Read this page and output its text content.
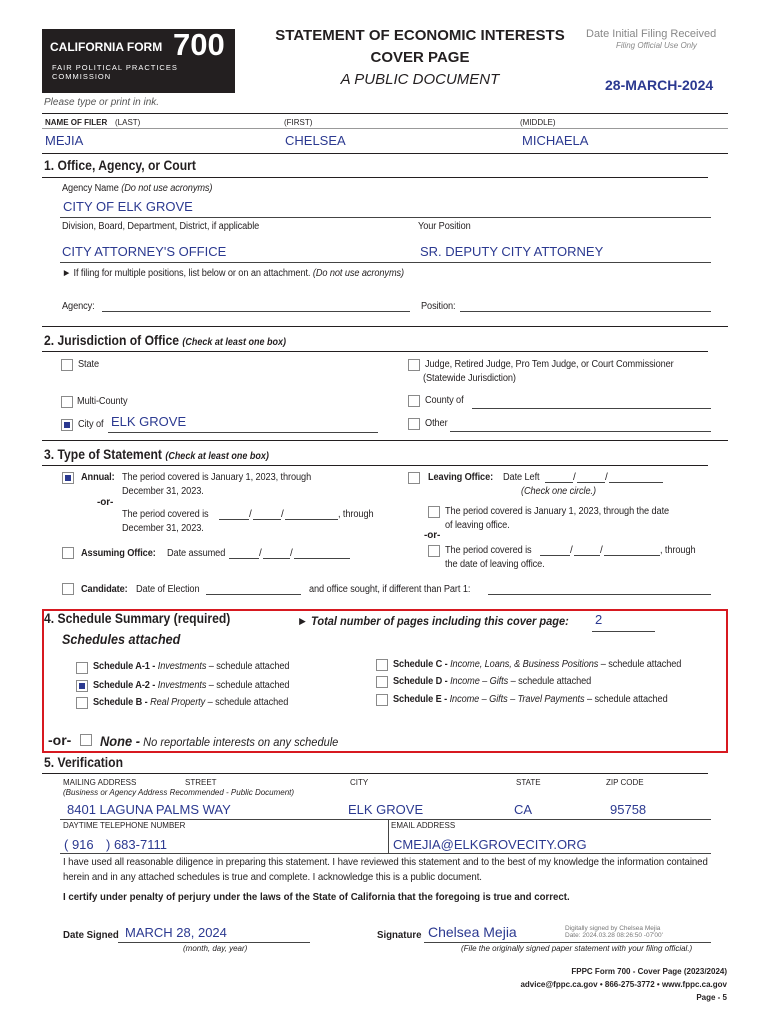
CALIFORNIA FORM 700
FAIR POLITICAL PRACTICES COMMISSION
STATEMENT OF ECONOMIC INTERESTS
COVER PAGE
A PUBLIC DOCUMENT
Date Initial Filing Received
Filing Official Use Only
28-MARCH-2024
Please type or print in ink.
NAME OF FILER (LAST)	(FIRST)	(MIDDLE)
MEJIA	CHELSEA	MICHAELA
1. Office, Agency, or Court
Agency Name (Do not use acronyms)
CITY OF ELK GROVE
Division, Board, Department, District, if applicable	Your Position
CITY ATTORNEY'S OFFICE	SR. DEPUTY CITY ATTORNEY
► If filing for multiple positions, list below or on an attachment. (Do not use acronyms)
Agency:	Position:
2. Jurisdiction of Office (Check at least one box)
State	Judge, Retired Judge, Pro Tem Judge, or Court Commissioner
(Statewide Jurisdiction)
Multi-County	County of
City of ELK GROVE	Other
3. Type of Statement (Check at least one box)
Annual: The period covered is January 1, 2023, through
December 31, 2023.
-or-
The period covered is	/	/	, through
December 31, 2023.
Leaving Office: Date Left	/	/
(Check one circle.)
The period covered is January 1, 2023, through the date
of leaving office.
-or-
The period covered is	/	/	, through
the date of leaving office.
Assuming Office: Date assumed	/	/
Candidate: Date of Election	and office sought, if different than Part 1:
4. Schedule Summary (required)	► Total number of pages including this cover page: 2
Schedules attached
Schedule A-1 - Investments – schedule attached
Schedule A-2 - Investments – schedule attached
Schedule B - Real Property – schedule attached
Schedule C - Income, Loans, & Business Positions – schedule attached
Schedule D - Income – Gifts – schedule attached
Schedule E - Income – Gifts – Travel Payments – schedule attached
-or- None - No reportable interests on any schedule
5. Verification
MAILING ADDRESS	STREET	CITY	STATE	ZIP CODE
(Business or Agency Address Recommended - Public Document)
8401 LAGUNA PALMS WAY	ELK GROVE	CA	95758
DAYTIME TELEPHONE NUMBER	EMAIL ADDRESS
( 916 ) 683-7111	CMEJIA@ELKGROVECITY.ORG
I have used all reasonable diligence in preparing this statement. I have reviewed this statement and to the best of my knowledge the information contained
herein and in any attached schedules is true and complete. I acknowledge this is a public document.
I certify under penalty of perjury under the laws of the State of California that the foregoing is true and correct.
Date Signed MARCH 28, 2024
(month, day, year)
Signature Chelsea Mejia	Digitally signed by Chelsea Mejia
Date: 2024.03.28 08:26:50 -07'00'
(File the originally signed paper statement with your filing official.)
FPPC Form 700 - Cover Page (2023/2024)
advice@fppc.ca.gov • 866-275-3772 • www.fppc.ca.gov
Page - 5
